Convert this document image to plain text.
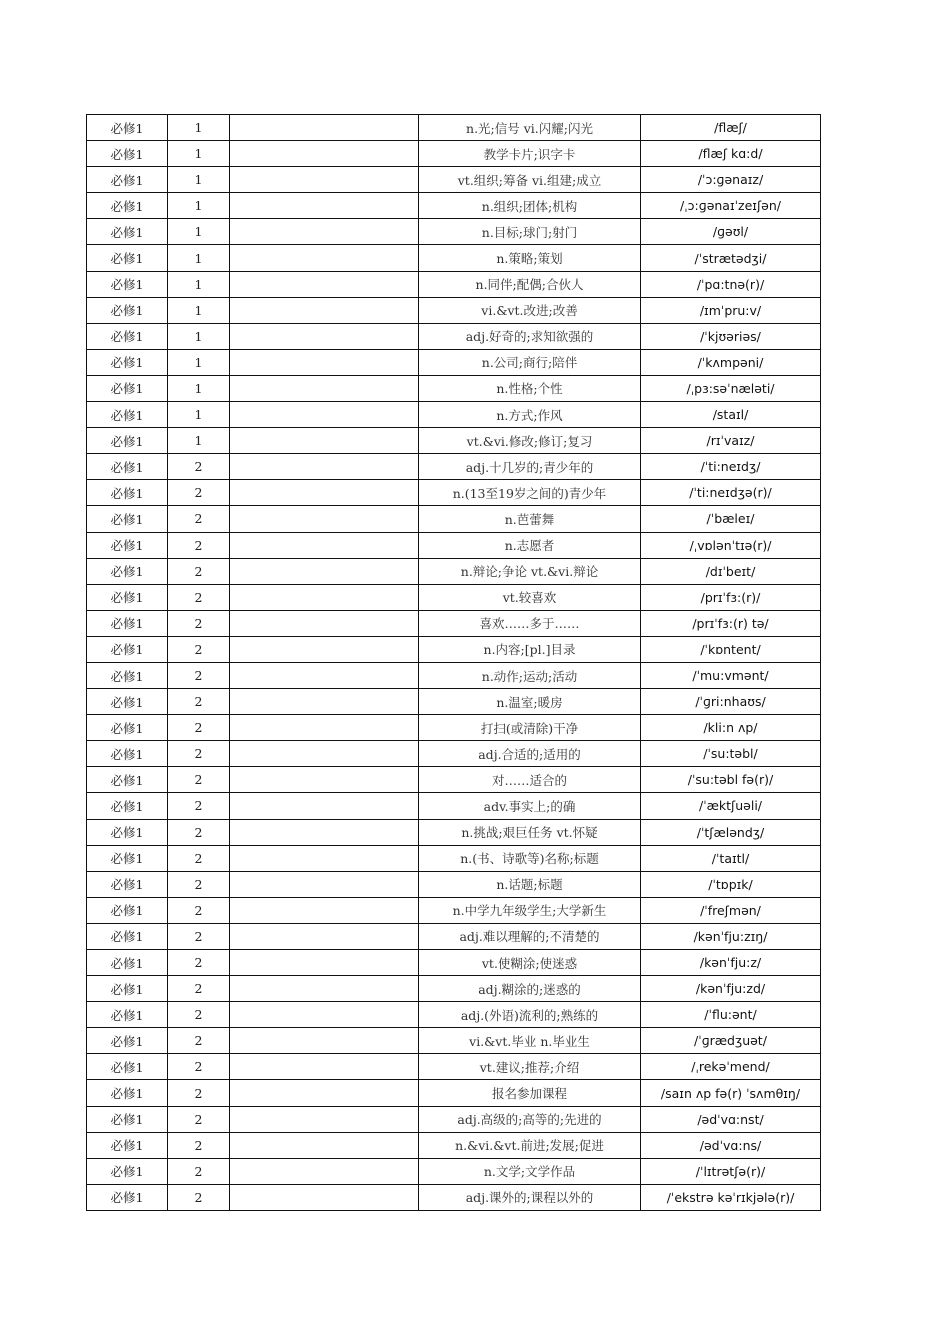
必修1	1		n.光;信号 vi.闪耀;闪光	/flæʃ/
必修1	1		教学卡片;识字卡	/flæʃ kɑ:d/
必修1	1		vt.组织;筹备 vi.组建;成立	/ˈɔ:ɡənaɪz/
必修1	1		n.组织;团体;机构	/ˌɔ:ɡənaɪˈzeɪʃən/
必修1	1		n.目标;球门;射门	/ɡəʊl/
必修1	1		n.策略;策划	/ˈstrætədʒi/
必修1	1		n.同伴;配偶;合伙人	/ˈpɑ:tnə(r)/
必修1	1		vi.&vt.改进;改善	/ɪmˈpru:v/
必修1	1		adj.好奇的;求知欲强的	/ˈkjʊəriəs/
必修1	1		n.公司;商行;陪伴	/ˈkʌmpəni/
必修1	1		n.性格;个性	/ˌpɜ:səˈnæləti/
必修1	1		n.方式;作风	/staɪl/
必修1	1		vt.&vi.修改;修订;复习	/rɪˈvaɪz/
必修1	2		adj.十几岁的;青少年的	/ˈti:neɪdʒ/
必修1	2		n.(13至19岁之间的)青少年	/ˈti:neɪdʒə(r)/
必修1	2		n.芭蕾舞	/ˈbæleɪ/
必修1	2		n.志愿者	/ˌvɒlənˈtɪə(r)/
必修1	2		n.辩论;争论 vt.&vi.辩论	/dɪˈbeɪt/
必修1	2		vt.较喜欢	/prɪˈfɜ:(r)/
必修1	2		喜欢……多于……	/prɪˈfɜ:(r) tə/
必修1	2		n.内容;[pl.]目录	/ˈkɒntent/
必修1	2		n.动作;运动;活动	/ˈmu:vmənt/
必修1	2		n.温室;暖房	/ˈɡri:nhaʊs/
必修1	2		打扫(或清除)干净	/kli:n ʌp/
必修1	2		adj.合适的;适用的	/ˈsu:təbl/
必修1	2		对……适合的	/ˈsu:təbl fə(r)/
必修1	2		adv.事实上;的确	/ˈæktʃuəli/
必修1	2		n.挑战;艰巨任务 vt.怀疑	/ˈtʃæləndʒ/
必修1	2		n.(书、诗歌等)名称;标题	/ˈtaɪtl/
必修1	2		n.话题;标题	/ˈtɒpɪk/
必修1	2		n.中学九年级学生;大学新生	/ˈfreʃmən/
必修1	2		adj.难以理解的;不清楚的	/kənˈfju:zɪŋ/
必修1	2		vt.使糊涂;使迷惑	/kənˈfju:z/
必修1	2		adj.糊涂的;迷惑的	/kənˈfju:zd/
必修1	2		adj.(外语)流利的;熟练的	/ˈflu:ənt/
必修1	2		vi.&vt.毕业 n.毕业生	/ˈɡrædʒuət/
必修1	2		vt.建议;推荐;介绍	/ˌrekəˈmend/
必修1	2		报名参加课程	/saɪn ʌp fə(r) ˈsʌmθɪŋ/
必修1	2		adj.高级的;高等的;先进的	/ədˈvɑ:nst/
必修1	2		n.&vi.&vt.前进;发展;促进	/ədˈvɑ:ns/
必修1	2		n.文学;文学作品	/ˈlɪtrətʃə(r)/
必修1	2		adj.课外的;课程以外的	/ˈekstrə kəˈrɪkjələ(r)/
